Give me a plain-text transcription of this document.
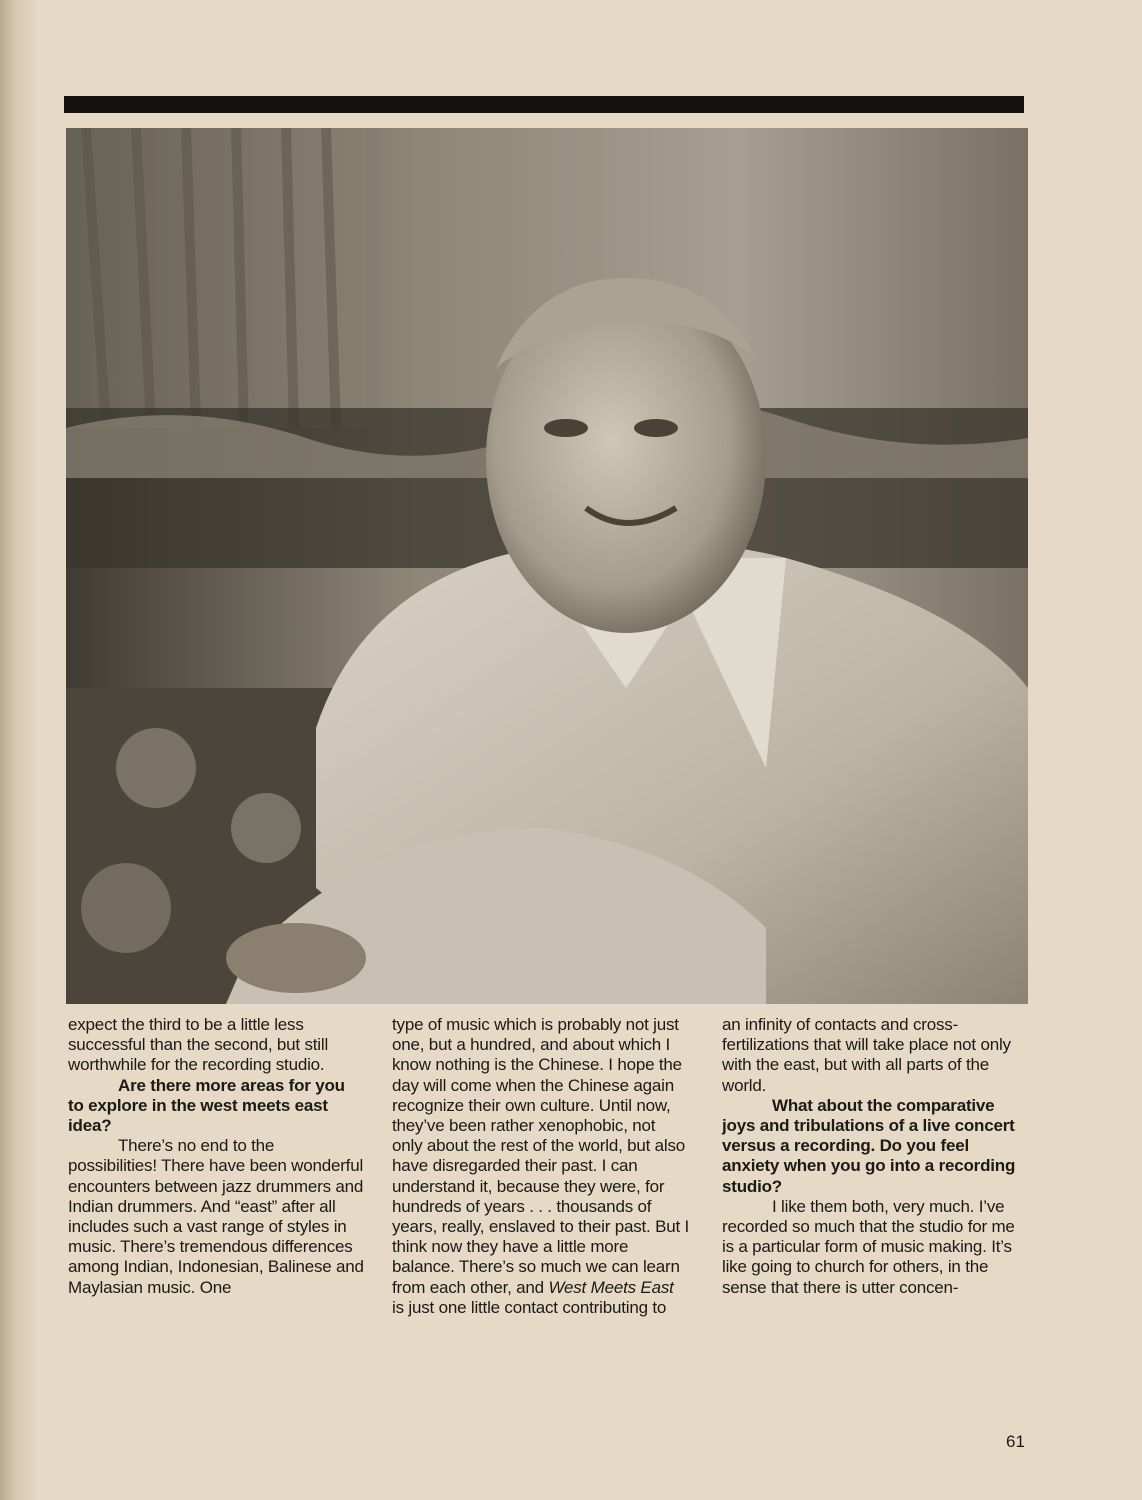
expect the third to be a little less successful than the second, but still worthwhile for the recording studio.

Are there more areas for you to explore in the west meets east idea?

There’s no end to the possibilities! There have been wonderful encounters between jazz drummers and Indian drummers. And “east” after all includes such a vast range of styles in music. There’s tremendous differences among Indian, Indonesian, Balinese and Maylasian music. One

type of music which is probably not just one, but a hundred, and about which I know nothing is the Chinese. I hope the day will come when the Chinese again recognize their own culture. Until now, they’ve been rather xenophobic, not only about the rest of the world, but also have disregarded their past. I can understand it, because they were, for hundreds of years . . . thousands of years, really, enslaved to their past. But I think now they have a little more balance. There’s so much we can learn from each other, and West Meets East is just one little contact contributing to

an infinity of contacts and cross-fertilizations that will take place not only with the east, but with all parts of the world.

What about the comparative joys and tribulations of a live concert versus a recording. Do you feel anxiety when you go into a recording studio?

I like them both, very much. I’ve recorded so much that the studio for me is a particular form of music making. It’s like going to church for others, in the sense that there is utter concen-

61
